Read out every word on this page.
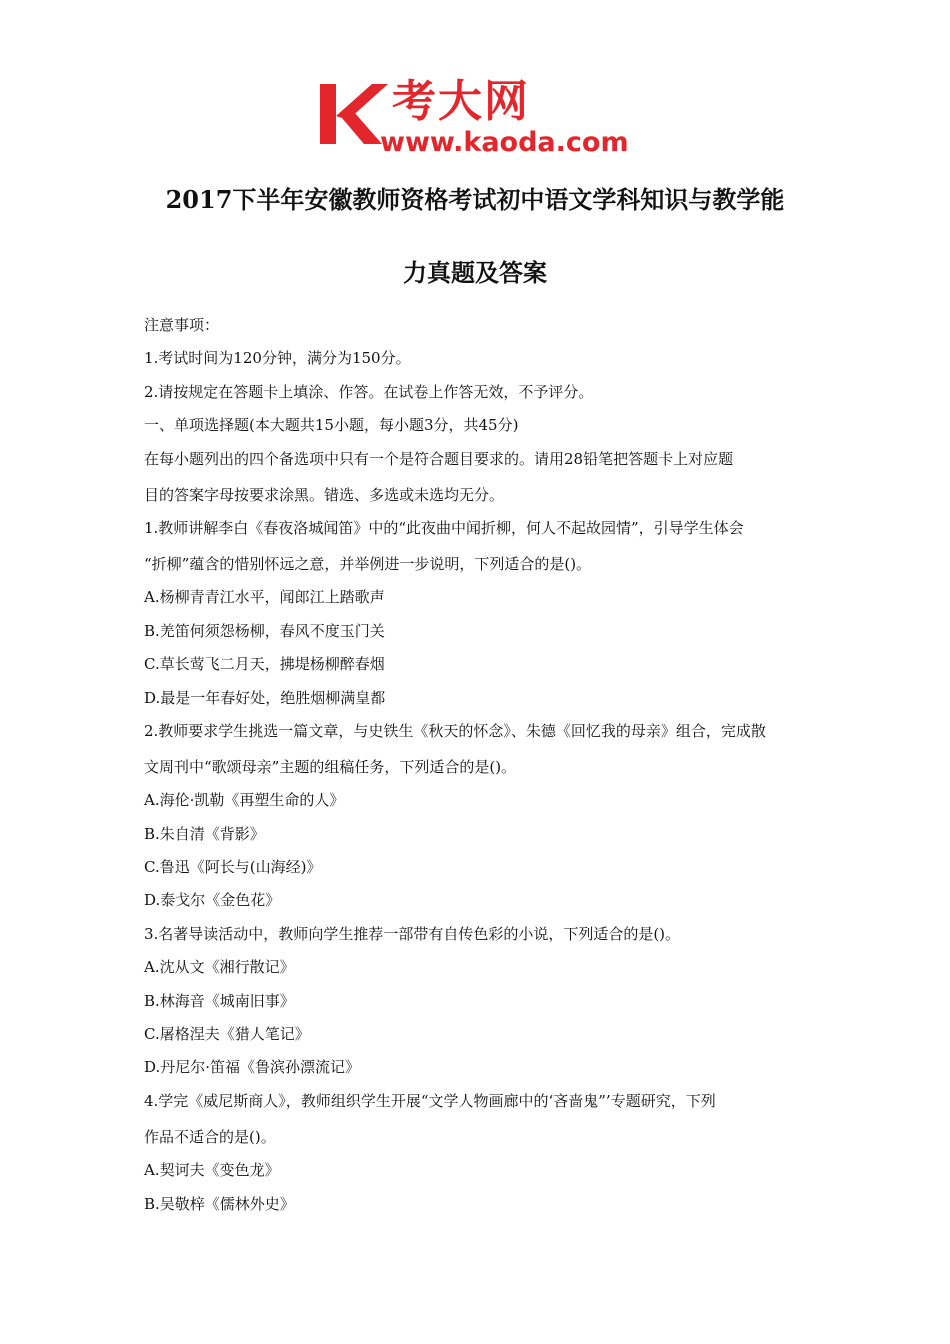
考大网
www.kaoda.com
2017下半年安徽教师资格考试初中语文学科知识与教学能
力真题及答案
注意事项：
1.考试时间为120分钟，满分为150分。
2.请按规定在答题卡上填涂、作答。在试卷上作答无效，不予评分。
一、单项选择题(本大题共15小题，每小题3分，共45分)
在每小题列出的四个备选项中只有一个是符合题目要求的。请用28铅笔把答题卡上对应题
目的答案字母按要求涂黑。错选、多选或未选均无分。
1.教师讲解李白《春夜洛城闻笛》中的“此夜曲中闻折柳，何人不起故园情”，引导学生体会
“折柳”蕴含的惜别怀远之意，并举例进一步说明，下列适合的是()。
A.杨柳青青江水平，闻郎江上踏歌声
B.羌笛何须怨杨柳，春风不度玉门关
C.草长莺飞二月天，拂堤杨柳醉春烟
D.最是一年春好处，绝胜烟柳满皇都
2.教师要求学生挑选一篇文章，与史铁生《秋天的怀念》、朱德《回忆我的母亲》组合，完成散
文周刊中“歌颂母亲”主题的组稿任务，下列适合的是()。
A.海伦·凯勒《再塑生命的人》
B.朱自清《背影》
C.鲁迅《阿长与(山海经)》
D.泰戈尔《金色花》
3.名著导读活动中，教师向学生推荐一部带有自传色彩的小说，下列适合的是()。
A.沈从文《湘行散记》
B.林海音《城南旧事》
C.屠格涅夫《猎人笔记》
D.丹尼尔·笛福《鲁滨孙漂流记》
4.学完《威尼斯商人》，教师组织学生开展“文学人物画廊中的‘吝啬鬼”’专题研究，下列
作品不适合的是()。
A.契诃夫《变色龙》
B.吴敬梓《儒林外史》
